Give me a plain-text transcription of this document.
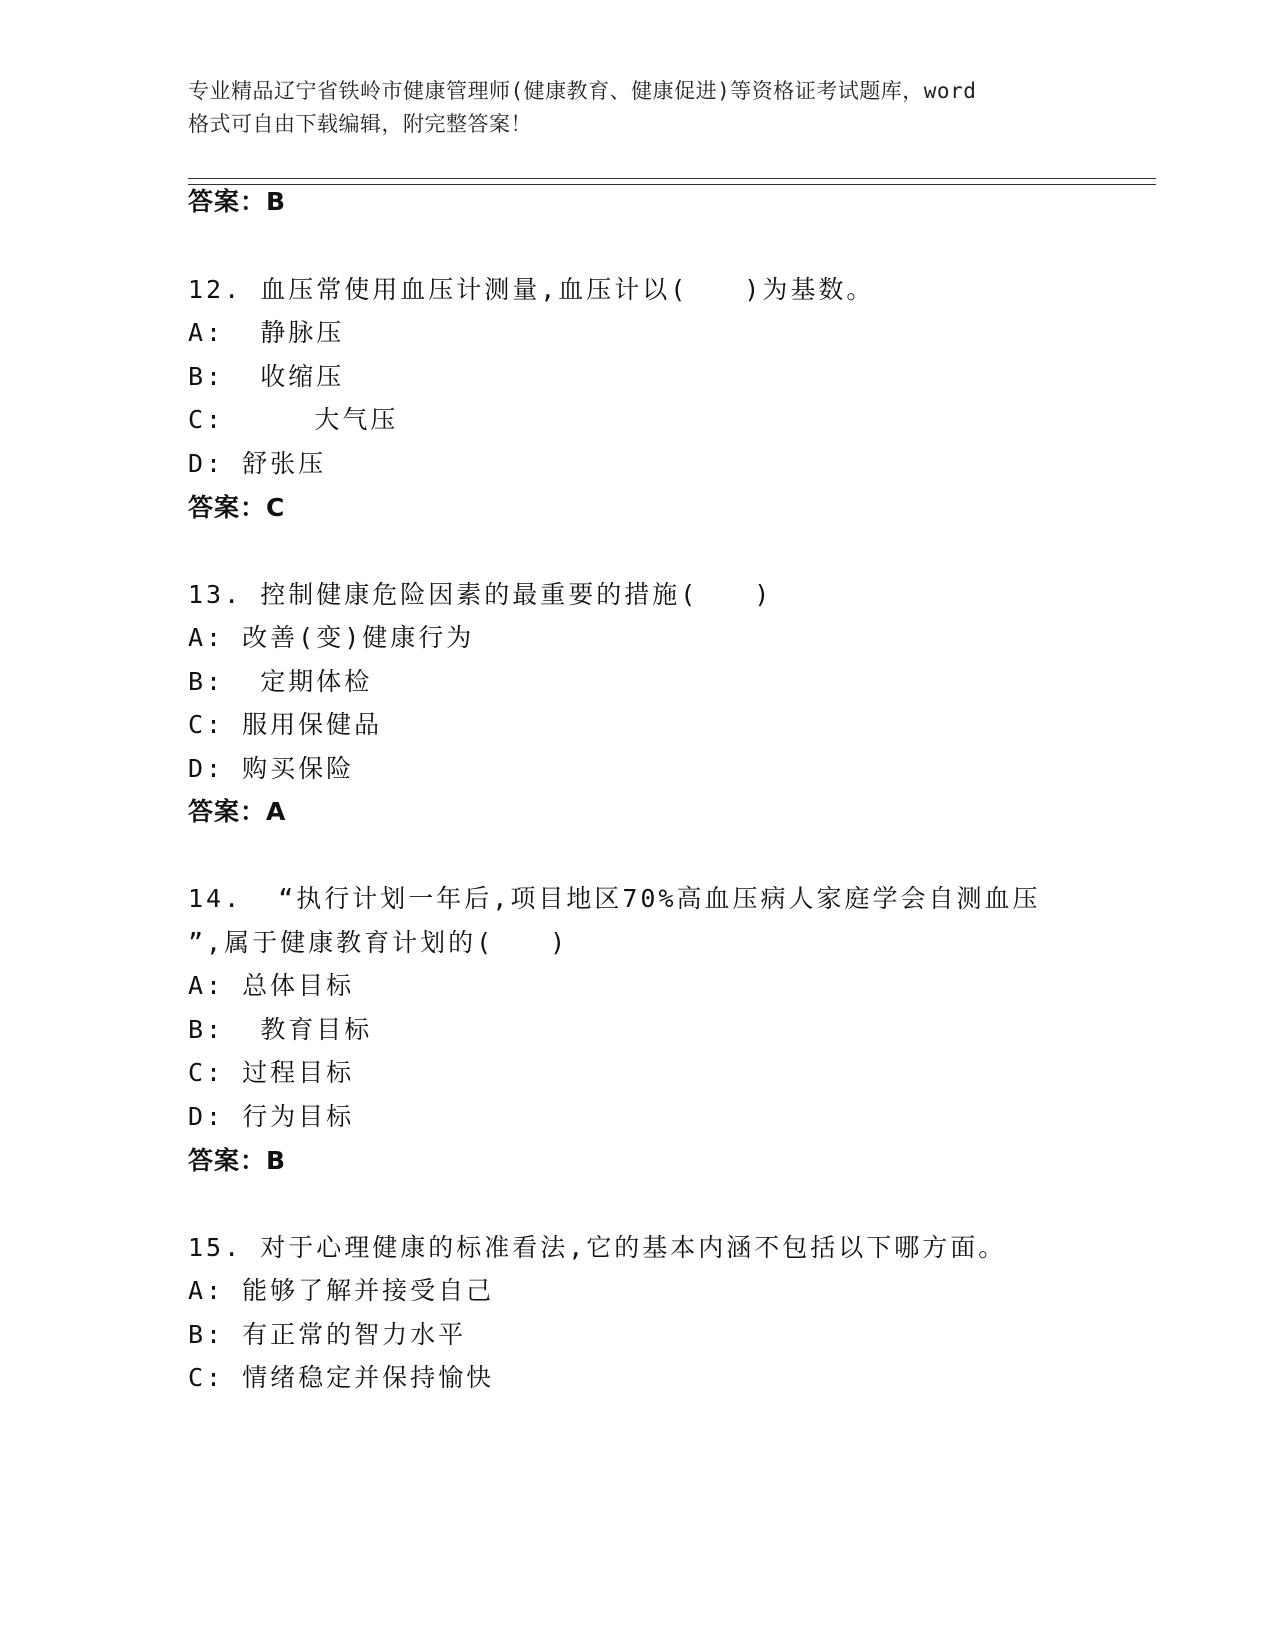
专业精品辽宁省铁岭市健康管理师(健康教育、健康促进)等资格证考试题库，word
格式可自由下载编辑，附完整答案！
答案：B
12. 血压常使用血压计测量,血压计以(　　)为基数。
A:  静脉压
B:  收缩压
C:     大气压
D: 舒张压
答案：C
13. 控制健康危险因素的最重要的措施(　　)
A: 改善(变)健康行为
B:  定期体检
C: 服用保健品
D: 购买保险
答案：A
14.  “执行计划一年后,项目地区70%高血压病人家庭学会自测血压
”,属于健康教育计划的(　　)
A: 总体目标
B:  教育目标
C: 过程目标
D: 行为目标
答案：B
15. 对于心理健康的标准看法,它的基本内涵不包括以下哪方面。
A: 能够了解并接受自己
B: 有正常的智力水平
C: 情绪稳定并保持愉快
